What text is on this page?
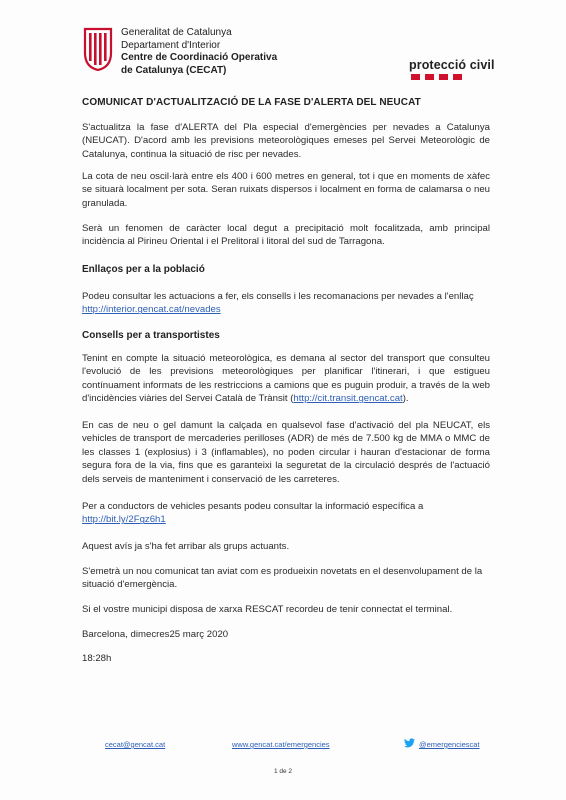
Generalitat de Catalunya
Departament d'Interior
Centre de Coordinació Operativa
de Catalunya (CECAT)	protecció civil
COMUNICAT D'ACTUALITZACIÓ DE LA FASE D'ALERTA DEL NEUCAT

S'actualitza la fase d'ALERTA del Pla especial d'emergències per nevades a Catalunya (NEUCAT). D'acord amb les previsions meteorològiques emeses pel Servei Meteorològic de Catalunya, continua la situació de risc per nevades.

La cota de neu oscil·larà entre els 400 i 600 metres en general, tot i que en moments de xàfec se situarà localment per sota. Seran ruixats dispersos i localment en forma de calamarsa o neu granulada.

Serà un fenomen de caràcter local degut a precipitació molt focalitzada, amb principal incidència al Pirineu Oriental i el Prelitoral i litoral del sud de Tarragona.

Enllaços per a la població

Podeu consultar les actuacions a fer, els consells i les recomanacions per nevades a l'enllaç
http://interior.gencat.cat/nevades

Consells per a transportistes

Tenint en compte la situació meteorològica, es demana al sector del transport que consulteu l'evolució de les previsions meteorològiques per planificar l'itinerari, i que estigueu contínuament informats de les restriccions a camions que es puguin produir, a través de la web d'incidències viàries del Servei Català de Trànsit (http://cit.transit.gencat.cat).

En cas de neu o gel damunt la calçada en qualsevol fase d'activació del pla NEUCAT, els vehicles de transport de mercaderies perilloses (ADR) de més de 7.500 kg de MMA o MMC de les classes 1 (explosius) i 3 (inflamables), no poden circular i hauran d'estacionar de forma segura fora de la via, fins que es garanteixi la seguretat de la circulació després de l'actuació dels serveis de manteniment i conservació de les carreteres.

Per a conductors de vehicles pesants podeu consultar la informació específica a
http://bit.ly/2Fgz6h1

Aquest avís ja s'ha fet arribar als grups actuants.

S'emetrà un nou comunicat tan aviat com es produeixin novetats en el desenvolupament de la situació d'emergència.

Si el vostre municipi disposa de xarxa RESCAT recordeu de tenir connectat el terminal.

Barcelona, dimecres25 març 2020

18:28h

cecat@gencat.cat	www.gencat.cat/emergencies	@emergenciescat
1 de 2
